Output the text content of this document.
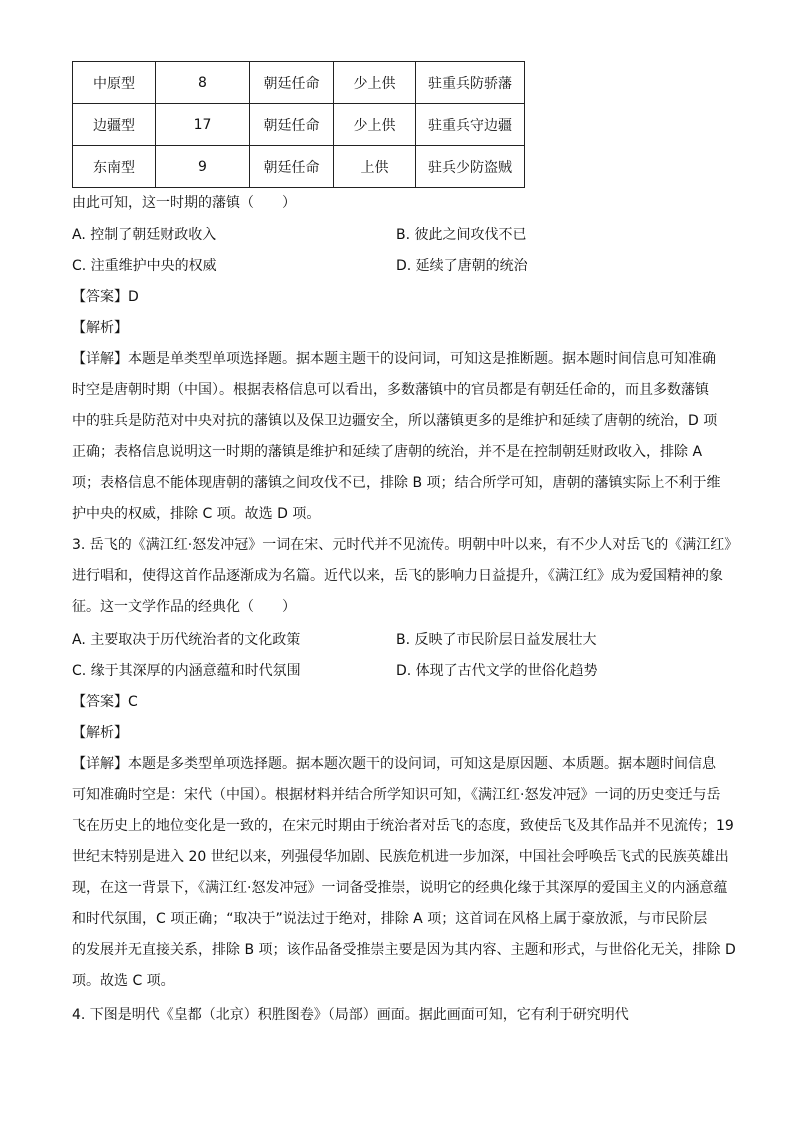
中原型	8	朝廷任命	少上供	驻重兵防骄藩
边疆型	17	朝廷任命	少上供	驻重兵守边疆
东南型	9	朝廷任命	上供	驻兵少防盗贼
由此可知，这一时期的藩镇（　　）
A. 控制了朝廷财政收入	B. 彼此之间攻伐不已
C. 注重维护中央的权威	D. 延续了唐朝的统治
【答案】D
【解析】
【详解】本题是单类型单项选择题。据本题主题干的设问词，可知这是推断题。据本题时间信息可知准确
时空是唐朝时期（中国）。根据表格信息可以看出，多数藩镇中的官员都是有朝廷任命的，而且多数藩镇
中的驻兵是防范对中央对抗的藩镇以及保卫边疆安全，所以藩镇更多的是维护和延续了唐朝的统治，D 项
正确；表格信息说明这一时期的藩镇是维护和延续了唐朝的统治，并不是在控制朝廷财政收入，排除 A
项；表格信息不能体现唐朝的藩镇之间攻伐不已，排除 B 项；结合所学可知，唐朝的藩镇实际上不利于维
护中央的权威，排除 C 项。故选 D 项。
3. 岳飞的《满江红·怒发冲冠》一词在宋、元时代并不见流传。明朝中叶以来，有不少人对岳飞的《满江红》
进行唱和，使得这首作品逐渐成为名篇。近代以来，岳飞的影响力日益提升，《满江红》成为爱国精神的象
征。这一文学作品的经典化（　　）
A. 主要取决于历代统治者的文化政策	B. 反映了市民阶层日益发展壮大
C. 缘于其深厚的内涵意蕴和时代氛围	D. 体现了古代文学的世俗化趋势
【答案】C
【解析】
【详解】本题是多类型单项选择题。据本题次题干的设问词，可知这是原因题、本质题。据本题时间信息
可知准确时空是：宋代（中国）。根据材料并结合所学知识可知，《满江红·怒发冲冠》一词的历史变迁与岳
飞在历史上的地位变化是一致的，在宋元时期由于统治者对岳飞的态度，致使岳飞及其作品并不见流传；19
世纪末特别是进入 20 世纪以来，列强侵华加剧、民族危机进一步加深，中国社会呼唤岳飞式的民族英雄出
现，在这一背景下，《满江红·怒发冲冠》一词备受推崇，说明它的经典化缘于其深厚的爱国主义的内涵意蕴
和时代氛围，C 项正确；“取决于”说法过于绝对，排除 A 项；这首词在风格上属于豪放派，与市民阶层
的发展并无直接关系，排除 B 项；该作品备受推崇主要是因为其内容、主题和形式，与世俗化无关，排除 D
项。故选 C 项。
4. 下图是明代《皇都（北京）积胜图卷》（局部）画面。据此画面可知，它有利于研究明代
